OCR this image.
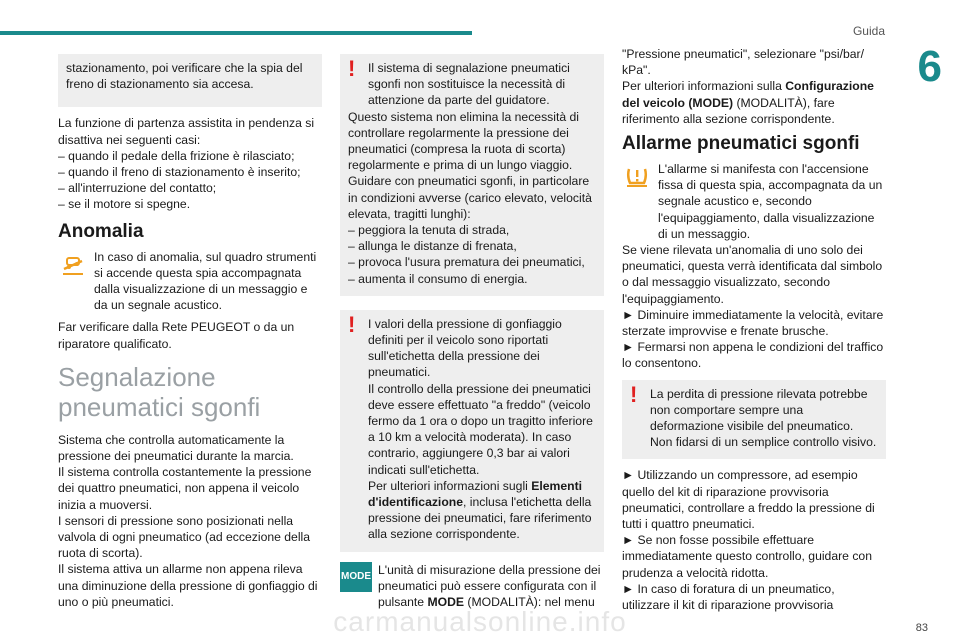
Guida
6

stazionamento, poi verificare che la spia del freno di stazionamento sia accesa.

La funzione di partenza assistita in pendenza si disattiva nei seguenti casi:

– quando il pedale della frizione è rilasciato;
– quando il freno di stazionamento è inserito;
– all'interruzione del contatto;
– se il motore si spegne.
Anomalia

In caso di anomalia, sul quadro strumenti si accende questa spia accompagnata dalla visualizzazione di un messaggio e da un segnale acustico.

Far verificare dalla Rete PEUGEOT o da un riparatore qualificato.

Segnalazione pneumatici sgonfi

Sistema che controlla automaticamente la pressione dei pneumatici durante la marcia.

Il sistema controlla costantemente la pressione dei quattro pneumatici, non appena il veicolo inizia a muoversi.

I sensori di pressione sono posizionati nella valvola di ogni pneumatico (ad eccezione della ruota di scorta).

Il sistema attiva un allarme non appena rileva una diminuzione della pressione di gonfiaggio di uno o più pneumatici.

! Il sistema di segnalazione pneumatici sgonfi non sostituisce la necessità di attenzione da parte del guidatore.

Questo sistema non elimina la necessità di controllare regolarmente la pressione dei pneumatici (compresa la ruota di scorta) regolarmente e prima di un lungo viaggio.

Guidare con pneumatici sgonfi, in particolare in condizioni avverse (carico elevato, velocità elevata, tragitti lunghi):

– peggiora la tenuta di strada,
– allunga le distanze di frenata,
– provoca l'usura prematura dei pneumatici,
– aumenta il consumo di energia.
! I valori della pressione di gonfiaggio definiti per il veicolo sono riportati sull'etichetta della pressione dei pneumatici.

Il controllo della pressione dei pneumatici deve essere effettuato "a freddo" (veicolo fermo da 1 ora o dopo un tragitto inferiore a 10 km a velocità moderata). In caso contrario, aggiungere 0,3 bar ai valori indicati sull'etichetta.

Per ulteriori informazioni sugli Elementi d'identificazione, inclusa l'etichetta della pressione dei pneumatici, fare riferimento alla sezione corrispondente.

MODE L'unità di misurazione della pressione dei pneumatici può essere configurata con il pulsante MODE (MODALITÀ): nel menu

"Pressione pneumatici", selezionare "psi/bar/ kPa".

Per ulteriori informazioni sulla Configurazione del veicolo (MODE) (MODALITÀ), fare riferimento alla sezione corrispondente.

Allarme pneumatici sgonfi

L'allarme si manifesta con l'accensione fissa di questa spia, accompagnata da un segnale acustico e, secondo l'equipaggiamento, dalla visualizzazione di un messaggio.

Se viene rilevata un'anomalia di uno solo dei pneumatici, questa verrà identificata dal simbolo o dal messaggio visualizzato, secondo l'equipaggiamento.

► Diminuire immediatamente la velocità, evitare sterzate improvvise e frenate brusche.

► Fermarsi non appena le condizioni del traffico lo consentono.

! La perdita di pressione rilevata potrebbe non comportare sempre una deformazione visibile del pneumatico.

Non fidarsi di un semplice controllo visivo.

► Utilizzando un compressore, ad esempio quello del kit di riparazione provvisoria pneumatici, controllare a freddo la pressione di tutti i quattro pneumatici.

► Se non fosse possibile effettuare immediatamente questo controllo, guidare con prudenza a velocità ridotta.

► In caso di foratura di un pneumatico, utilizzare il kit di riparazione provvisoria

83
carmanualsonline.info
